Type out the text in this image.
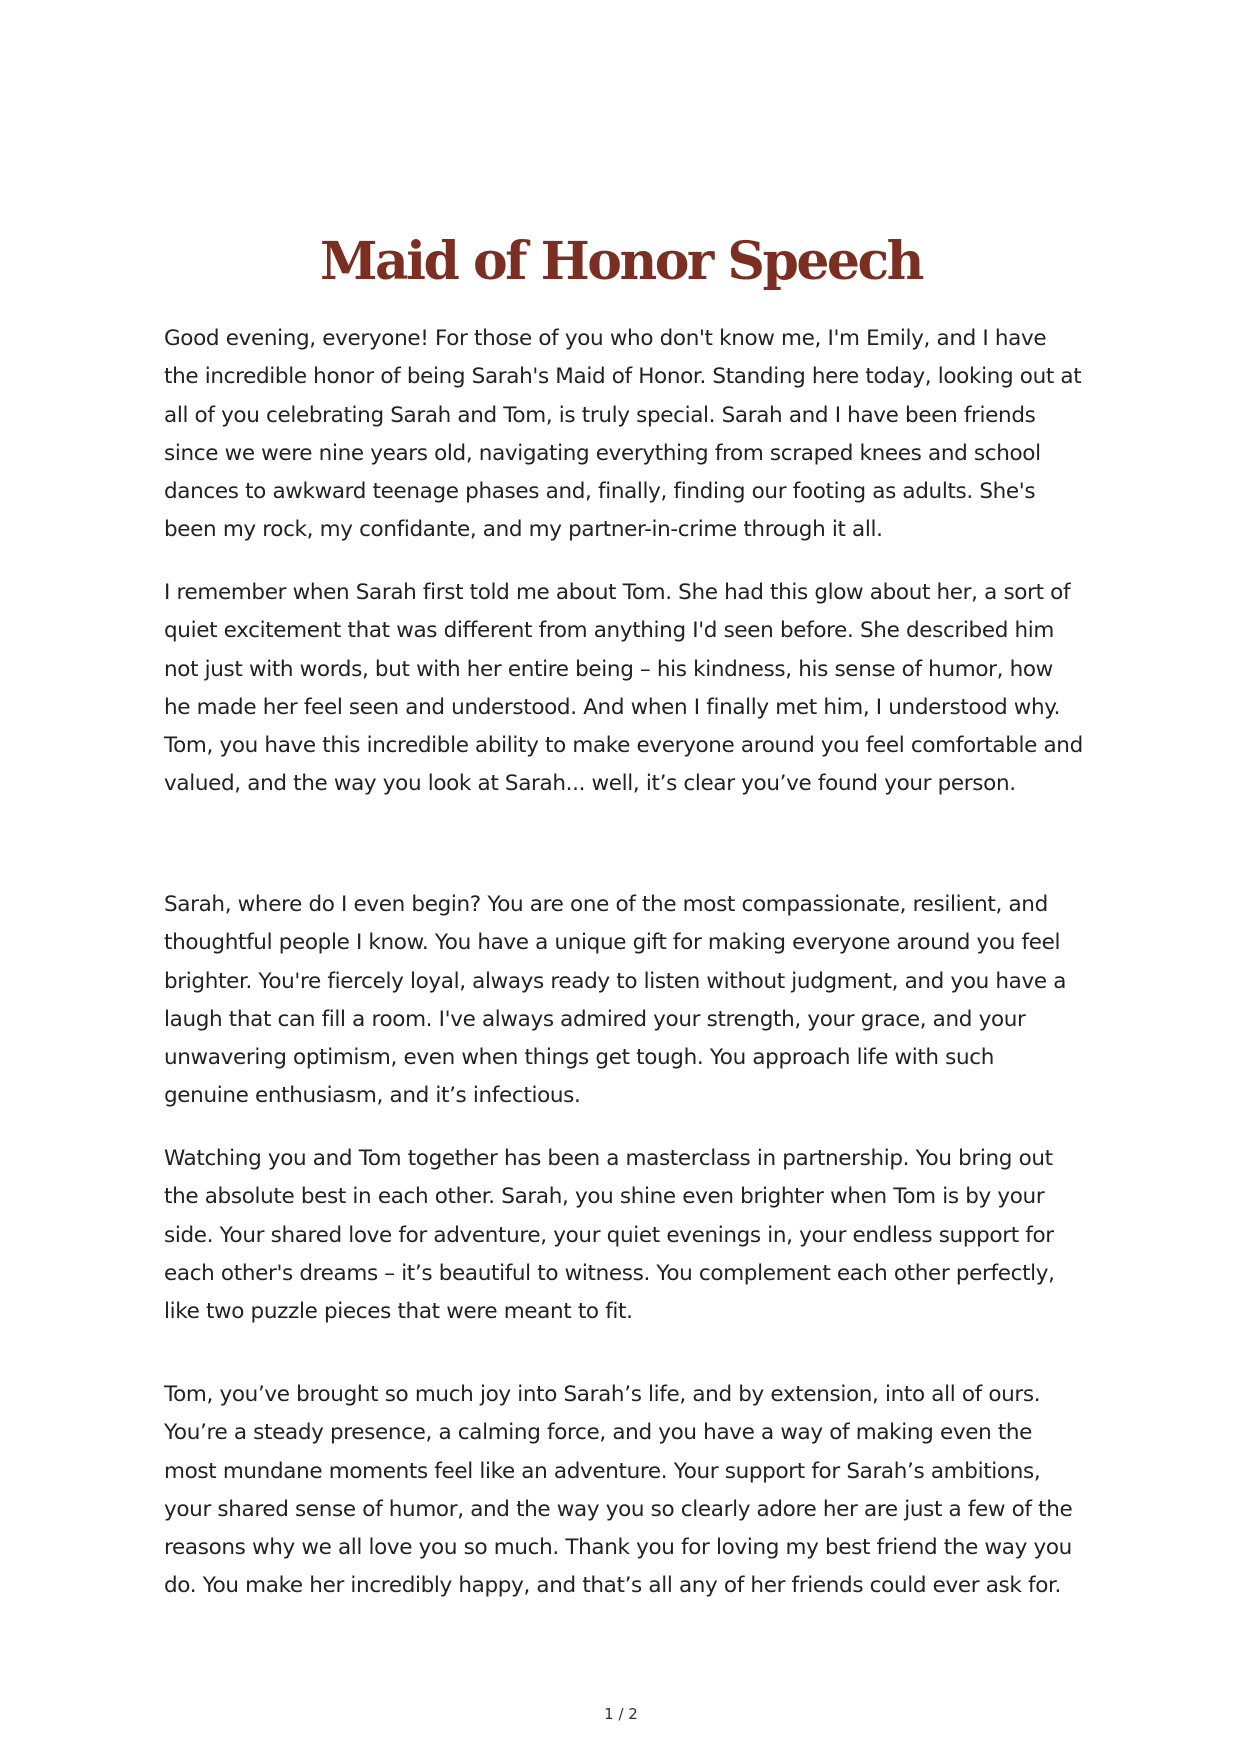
Maid of Honor Speech

Good evening, everyone! For those of you who don't know me, I'm Emily, and I have the incredible honor of being Sarah's Maid of Honor. Standing here today, looking out at all of you celebrating Sarah and Tom, is truly special. Sarah and I have been friends since we were nine years old, navigating everything from scraped knees and school dances to awkward teenage phases and, finally, finding our footing as adults. She's been my rock, my confidante, and my partner-in-crime through it all.

I remember when Sarah first told me about Tom. She had this glow about her, a sort of quiet excitement that was different from anything I'd seen before. She described him not just with words, but with her entire being – his kindness, his sense of humor, how he made her feel seen and understood. And when I finally met him, I understood why. Tom, you have this incredible ability to make everyone around you feel comfortable and valued, and the way you look at Sarah... well, it’s clear you’ve found your person.

Sarah, where do I even begin? You are one of the most compassionate, resilient, and thoughtful people I know. You have a unique gift for making everyone around you feel brighter. You're fiercely loyal, always ready to listen without judgment, and you have a laugh that can fill a room. I've always admired your strength, your grace, and your unwavering optimism, even when things get tough. You approach life with such genuine enthusiasm, and it’s infectious.

Watching you and Tom together has been a masterclass in partnership. You bring out the absolute best in each other. Sarah, you shine even brighter when Tom is by your side. Your shared love for adventure, your quiet evenings in, your endless support for each other's dreams – it’s beautiful to witness. You complement each other perfectly, like two puzzle pieces that were meant to fit.

Tom, you’ve brought so much joy into Sarah’s life, and by extension, into all of ours. You’re a steady presence, a calming force, and you have a way of making even the most mundane moments feel like an adventure. Your support for Sarah’s ambitions, your shared sense of humor, and the way you so clearly adore her are just a few of the reasons why we all love you so much. Thank you for loving my best friend the way you do. You make her incredibly happy, and that’s all any of her friends could ever ask for.

1 / 2
